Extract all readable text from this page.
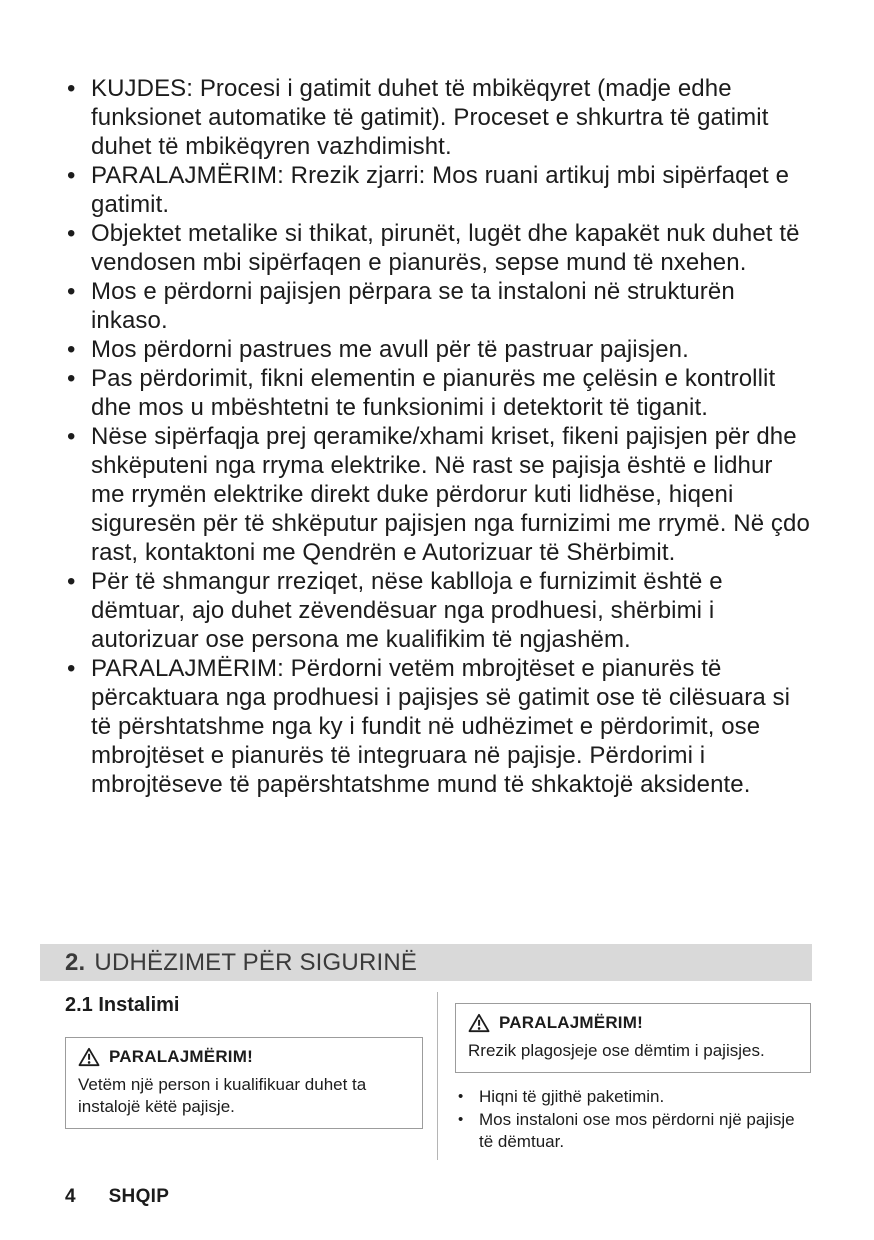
• KUJDES: Procesi i gatimit duhet të mbikëqyret (madje edhe funksionet automatike të gatimit). Proceset e shkurtra të gatimit duhet të mbikëqyren vazhdimisht.
• PARALAJMËRIM: Rrezik zjarri: Mos ruani artikuj mbi sipërfaqet e gatimit.
• Objektet metalike si thikat, pirunët, lugët dhe kapakët nuk duhet të vendosen mbi sipërfaqen e pianurës, sepse mund të nxehen.
• Mos e përdorni pajisjen përpara se ta instaloni në strukturën inkaso.
• Mos përdorni pastrues me avull për të pastruar pajisjen.
• Pas përdorimit, fikni elementin e pianurës me çelësin e kontrollit dhe mos u mbështetni te funksionimi i detektorit të tiganit.
• Nëse sipërfaqja prej qeramike/xhami kriset, fikeni pajisjen për dhe shkëputeni nga rryma elektrike. Në rast se pajisja është e lidhur me rrymën elektrike direkt duke përdorur kuti lidhëse, hiqeni siguresën për të shkëputur pajisjen nga furnizimi me rrymë. Në çdo rast, kontaktoni me Qendrën e Autorizuar të Shërbimit.
• Për të shmangur rreziqet, nëse kablloja e furnizimit është e dëmtuar, ajo duhet zëvendësuar nga prodhuesi, shërbimi i autorizuar ose persona me kualifikim të ngjashëm.
• PARALAJMËRIM: Përdorni vetëm mbrojtëset e pianurës të përcaktuara nga prodhuesi i pajisjes së gatimit ose të cilësuara si të përshtatshme nga ky i fundit në udhëzimet e përdorimit, ose mbrojtëset e pianurës të integruara në pajisje. Përdorimi i mbrojtëseve të papërshtatshme mund të shkaktojë aksidente.
2. UDHËZIMET PËR SIGURINË
2.1 Instalimi
PARALAJMËRIM!
Vetëm një person i kualifikuar duhet ta instalojë këtë pajisje.
PARALAJMËRIM!
Rrezik plagosjeje ose dëmtim i pajisjes.
• Hiqni të gjithë paketimin.
• Mos instaloni ose mos përdorni një pajisje të dëmtuar.
4 SHQIP
